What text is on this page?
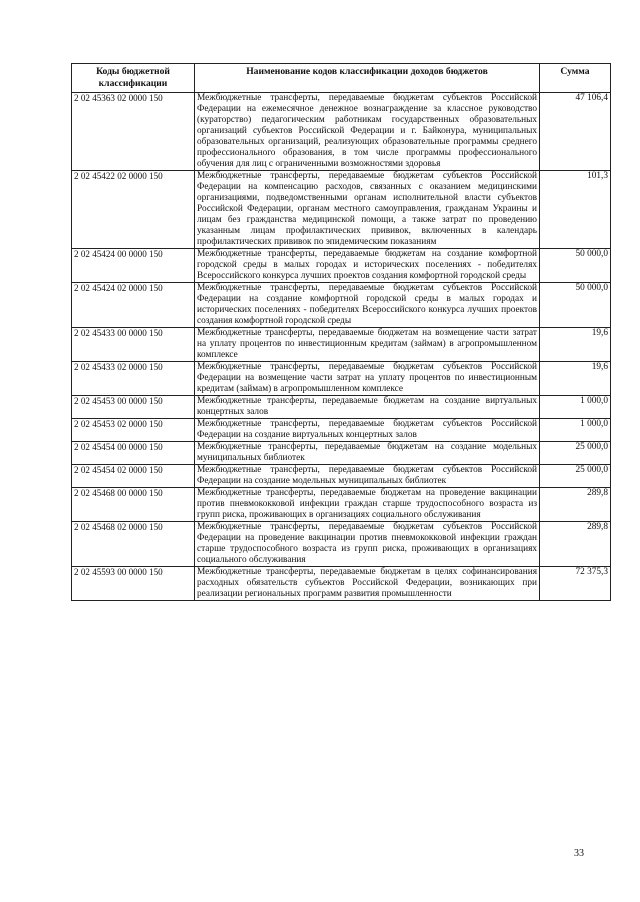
Коды бюджетной классификации	Наименование кодов классификации доходов бюджетов	Сумма
2 02 45363 02 0000 150	Межбюджетные трансферты, передаваемые бюджетам субъектов Российской Федерации на ежемесячное денежное вознаграждение за классное руководство (кураторство) педагогическим работникам государственных образовательных организаций субъектов Российской Федерации и г. Байконура, муниципальных образовательных организаций, реализующих образовательные программы среднего профессионального образования, в том числе программы профессионального обучения для лиц с ограниченными возможностями здоровья	47 106,4
2 02 45422 02 0000 150	Межбюджетные трансферты, передаваемые бюджетам субъектов Российской Федерации на компенсацию расходов, связанных с оказанием медицинскими организациями, подведомственными органам исполнительной власти субъектов Российской Федерации, органам местного самоуправления, гражданам Украины и лицам без гражданства медицинской помощи, а также затрат по проведению указанным лицам профилактических прививок, включенных в календарь профилактических прививок по эпидемическим показаниям	101,3
2 02 45424 00 0000 150	Межбюджетные трансферты, передаваемые бюджетам на создание комфортной городской среды в малых городах и исторических поселениях - победителях Всероссийского конкурса лучших проектов создания комфортной городской среды	50 000,0
2 02 45424 02 0000 150	Межбюджетные трансферты, передаваемые бюджетам субъектов Российской Федерации на создание комфортной городской среды в малых городах и исторических поселениях - победителях Всероссийского конкурса лучших проектов создания комфортной городской среды	50 000,0
2 02 45433 00 0000 150	Межбюджетные трансферты, передаваемые бюджетам на возмещение части затрат на уплату процентов по инвестиционным кредитам (займам) в агропромышленном комплексе	19,6
2 02 45433 02 0000 150	Межбюджетные трансферты, передаваемые бюджетам субъектов Российской Федерации на возмещение части затрат на уплату процентов по инвестиционным кредитам (займам) в агропромышленном комплексе	19,6
2 02 45453 00 0000 150	Межбюджетные трансферты, передаваемые бюджетам на создание виртуальных концертных залов	1 000,0
2 02 45453 02 0000 150	Межбюджетные трансферты, передаваемые бюджетам субъектов Российской Федерации на создание виртуальных концертных залов	1 000,0
2 02 45454 00 0000 150	Межбюджетные трансферты, передаваемые бюджетам на создание модельных муниципальных библиотек	25 000,0
2 02 45454 02 0000 150	Межбюджетные трансферты, передаваемые бюджетам субъектов Российской Федерации на создание модельных муниципальных библиотек	25 000,0
2 02 45468 00 0000 150	Межбюджетные трансферты, передаваемые бюджетам на проведение вакцинации против пневмококковой инфекции граждан старше трудоспособного возраста из групп риска, проживающих в организациях социального обслуживания	289,8
2 02 45468 02 0000 150	Межбюджетные трансферты, передаваемые бюджетам субъектов Российской Федерации на проведение вакцинации против пневмококковой инфекции граждан старше трудоспособного возраста из групп риска, проживающих в организациях социального обслуживания	289,8
2 02 45593 00 0000 150	Межбюджетные трансферты, передаваемые бюджетам в целях софинансирования расходных обязательств субъектов Российской Федерации, возникающих при реализации региональных программ развития промышленности	72 375,3
33
